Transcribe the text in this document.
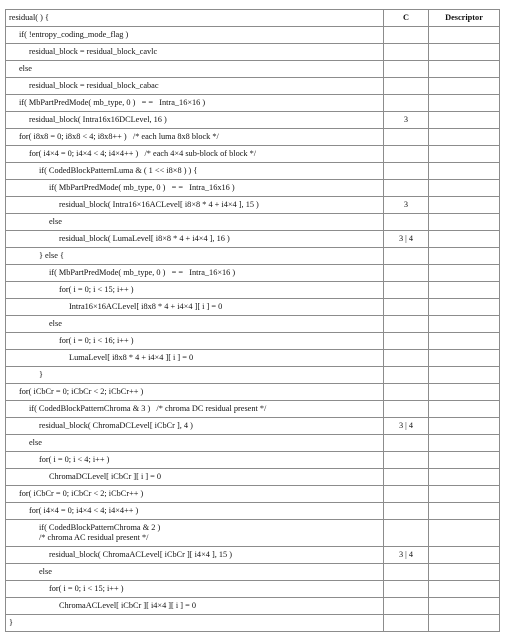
residual( ) {	C	Descriptor
if( !entropy_coding_mode_flag )		
residual_block = residual_block_cavlc		
else		
residual_block = residual_block_cabac		
if( MbPartPredMode( mb_type, 0 )   = =   Intra_16×16 )		
residual_block( Intra16x16DCLevel, 16 )	3	
for( i8x8 = 0; i8x8 < 4; i8x8++ )   /* each luma 8x8 block */		
for( i4×4 = 0; i4×4 < 4; i4×4++ )   /* each 4×4 sub-block of block */		
if( CodedBlockPatternLuma & ( 1 << i8×8 ) ) {		
if( MbPartPredMode( mb_type, 0 )   = =   Intra_16x16 )		
residual_block( Intra16×16ACLevel[ i8×8 * 4 + i4×4 ], 15 )	3	
else		
residual_block( LumaLevel[ i8×8 * 4 + i4×4 ], 16 )	3 | 4	
} else {		
if( MbPartPredMode( mb_type, 0 )   = =   Intra_16×16 )		
for( i = 0; i < 15; i++ )		
Intra16×16ACLevel[ i8x8 * 4 + i4×4 ][ i ] = 0		
else		
for( i = 0; i < 16; i++ )		
LumaLevel[ i8x8 * 4 + i4×4 ][ i ] = 0		
}		
for( iCbCr = 0; iCbCr < 2; iCbCr++ )		
if( CodedBlockPatternChroma & 3 )   /* chroma DC residual present */		
residual_block( ChromaDCLevel[ iCbCr ], 4 )	3 | 4	
else		
for( i = 0; i < 4; i++ )		
ChromaDCLevel[ iCbCr ][ i ] = 0		
for( iCbCr = 0; iCbCr < 2; iCbCr++ )		
for( i4×4 = 0; i4×4 < 4; i4×4++ )		
if( CodedBlockPatternChroma & 2 )
/* chroma AC residual present */		
residual_block( ChromaACLevel[ iCbCr ][ i4×4 ], 15 )	3 | 4	
else		
for( i = 0; i < 15; i++ )		
ChromaACLevel[ iCbCr ][ i4×4 ][ i ] = 0		
}		
